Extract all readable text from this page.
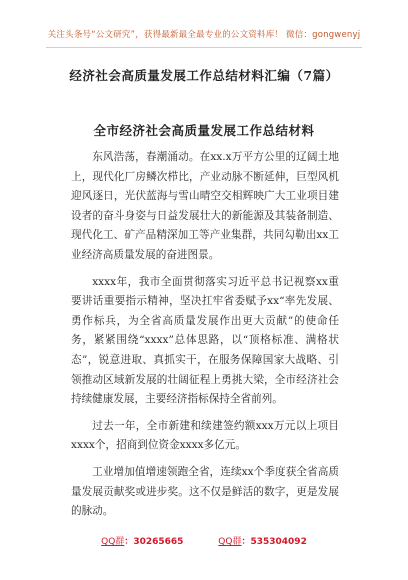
关注头条号“公文研究”，获得最新最全最专业的公文资料库！ 微信：gongwenyj
经济社会高质量发展工作总结材料汇编（7篇）
全市经济社会高质量发展工作总结材料

东风浩荡，春潮涌动。在xx.x万平方公里的辽阔土地上，现代化厂房鳞次栉比，产业动脉不断延伸，巨型风机迎风逐日，光伏蓝海与雪山晴空交相辉映广大工业项目建设者的奋斗身姿与日益发展壮大的新能源及其装备制造、现代化工、矿产品精深加工等产业集群，共同勾勒出xx工业经济高质量发展的奋进图景。

xxxx年，我市全面贯彻落实习近平总书记视察xx重要讲话重要指示精神，坚决扛牢省委赋予xx“率先发展、勇作标兵，为全省高质量发展作出更大贡献”的使命任务，紧紧围绕“xxxx”总体思路，以“顶格标准、满格状态”，锐意进取、真抓实干，在服务保障国家大战略、引领推动区域新发展的壮阔征程上勇挑大梁，全市经济社会持续健康发展，主要经济指标保持全省前列。

过去一年，全市新建和续建签约额xxx万元以上项目xxxx个，招商到位资金xxxx多亿元。

工业增加值增速领跑全省，连续xx个季度获全省高质量发展贡献奖或进步奖。这不仅是鲜活的数字，更是发展的脉动。

QQ群：30265665	QQ群：535304092
